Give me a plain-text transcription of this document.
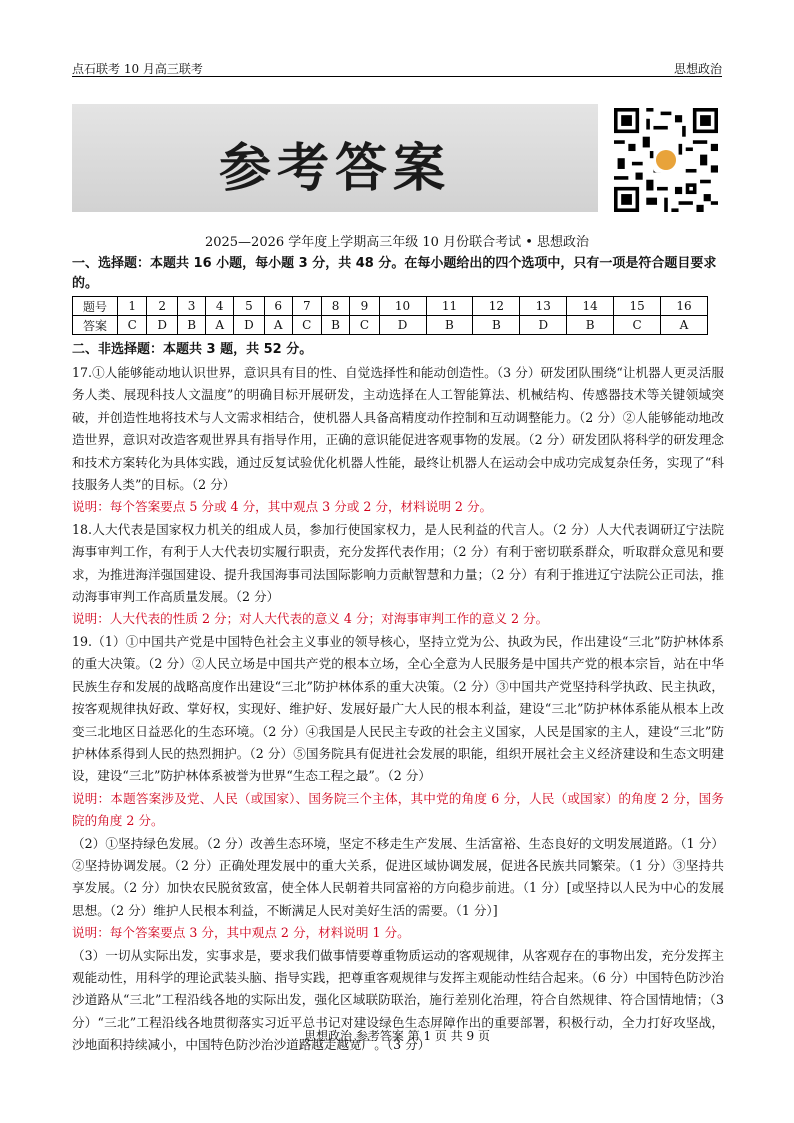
点石联考 10 月高三联考	思想政治
参考答案
2025—2026 学年度上学期高三年级 10 月份联合考试 • 思想政治
一、选择题：本题共 16 小题，每小题 3 分，共 48 分。在每小题给出的四个选项中，只有一项是符合题目要求的。
题号	1	2	3	4	5	6	7	8	9	10	11	12	13	14	15	16
答案	C	D	B	A	D	A	C	B	C	D	B	B	D	B	C	A
二、非选择题：本题共 3 题，共 52 分。

17.①人能够能动地认识世界，意识具有目的性、自觉选择性和能动创造性。（3 分）研发团队围绕“让机器人更灵活服务人类、展现科技人文温度”的明确目标开展研发，主动选择在人工智能算法、机械结构、传感器技术等关键领域突破，并创造性地将技术与人文需求相结合，使机器人具备高精度动作控制和互动调整能力。（2 分）②人能够能动地改造世界，意识对改造客观世界具有指导作用，正确的意识能促进客观事物的发展。（2 分）研发团队将科学的研发理念和技术方案转化为具体实践，通过反复试验优化机器人性能，最终让机器人在运动会中成功完成复杂任务，实现了“科技服务人类”的目标。（2 分）

说明：每个答案要点 5 分或 4 分，其中观点 3 分或 2 分，材料说明 2 分。

18.人大代表是国家权力机关的组成人员，参加行使国家权力，是人民利益的代言人。（2 分）人大代表调研辽宁法院海事审判工作，有利于人大代表切实履行职责，充分发挥代表作用；（2 分）有利于密切联系群众，听取群众意见和要求，为推进海洋强国建设、提升我国海事司法国际影响力贡献智慧和力量；（2 分）有利于推进辽宁法院公正司法，推动海事审判工作高质量发展。（2 分）

说明：人大代表的性质 2 分；对人大代表的意义 4 分；对海事审判工作的意义 2 分。

19.（1）①中国共产党是中国特色社会主义事业的领导核心，坚持立党为公、执政为民，作出建设“三北”防护林体系的重大决策。（2 分）②人民立场是中国共产党的根本立场，全心全意为人民服务是中国共产党的根本宗旨，站在中华民族生存和发展的战略高度作出建设“三北”防护林体系的重大决策。（2 分）③中国共产党坚持科学执政、民主执政，按客观规律执好政、掌好权，实现好、维护好、发展好最广大人民的根本利益，建设“三北”防护林体系能从根本上改变三北地区日益恶化的生态环境。（2 分）④我国是人民民主专政的社会主义国家，人民是国家的主人，建设“三北”防护林体系得到人民的热烈拥护。（2 分）⑤国务院具有促进社会发展的职能，组织开展社会主义经济建设和生态文明建设，建设“三北”防护林体系被誉为世界“生态工程之最”。（2 分）

说明：本题答案涉及党、人民（或国家）、国务院三个主体，其中党的角度 6 分，人民（或国家）的角度 2 分，国务院的角度 2 分。

（2）①坚持绿色发展。（2 分）改善生态环境，坚定不移走生产发展、生活富裕、生态良好的文明发展道路。（1 分）②坚持协调发展。（2 分）正确处理发展中的重大关系，促进区域协调发展，促进各民族共同繁荣。（1 分）③坚持共享发展。（2 分）加快农民脱贫致富，使全体人民朝着共同富裕的方向稳步前进。（1 分）[或坚持以人民为中心的发展思想。（2 分）维护人民根本利益，不断满足人民对美好生活的需要。（1 分）]

说明：每个答案要点 3 分，其中观点 2 分，材料说明 1 分。

（3）一切从实际出发，实事求是，要求我们做事情要尊重物质运动的客观规律，从客观存在的事物出发，充分发挥主观能动性，用科学的理论武装头脑、指导实践，把尊重客观规律与发挥主观能动性结合起来。（6 分）中国特色防沙治沙道路从“三北”工程沿线各地的实际出发，强化区域联防联治，施行差别化治理，符合自然规律、符合国情地情；（3 分）“三北”工程沿线各地贯彻落实习近平总书记对建设绿色生态屏障作出的重要部署，积极行动，全力打好攻坚战，沙地面积持续减小，中国特色防沙治沙道路越走越宽广。（3 分）

思想政治 参考答案 第 1 页 共 9 页
